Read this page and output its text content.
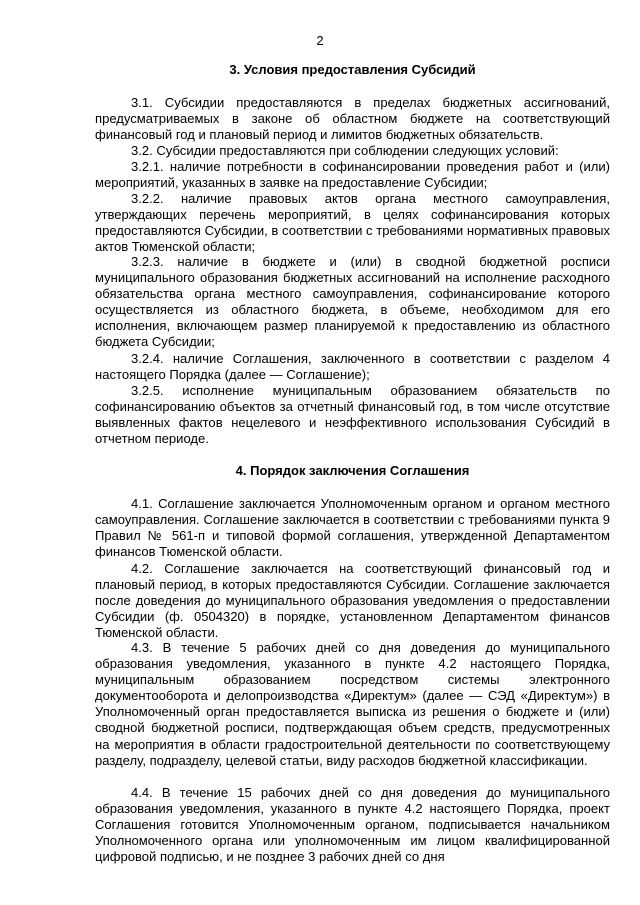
2
3. Условия предоставления Субсидий

3.1. Субсидии предоставляются в пределах бюджетных ассигнований, предусматриваемых в законе об областном бюджете на соответствующий финансовый год и плановый период и лимитов бюджетных обязательств.

3.2. Субсидии предоставляются при соблюдении следующих условий:

3.2.1. наличие потребности в софинансировании проведения работ и (или) мероприятий, указанных в заявке на предоставление Субсидии;

3.2.2. наличие правовых актов органа местного самоуправления, утверждающих перечень мероприятий, в целях софинансирования которых предоставляются Субсидии, в соответствии с требованиями нормативных правовых актов Тюменской области;

3.2.3. наличие в бюджете и (или) в сводной бюджетной росписи муниципального образования бюджетных ассигнований на исполнение расходного обязательства органа местного самоуправления, софинансирование которого осуществляется из областного бюджета, в объеме, необходимом для его исполнения, включающем размер планируемой к предоставлению из областного бюджета Субсидии;

3.2.4. наличие Соглашения, заключенного в соответствии с разделом 4 настоящего Порядка (далее — Соглашение);

3.2.5. исполнение муниципальным образованием обязательств по софинансированию объектов за отчетный финансовый год, в том числе отсутствие выявленных фактов нецелевого и неэффективного использования Субсидий в отчетном периоде.

4. Порядок заключения Соглашения

4.1. Соглашение заключается Уполномоченным органом и органом местного самоуправления. Соглашение заключается в соответствии с требованиями пункта 9 Правил № 561-п и типовой формой соглашения, утвержденной Департаментом финансов Тюменской области.

4.2. Соглашение заключается на соответствующий финансовый год и плановый период, в которых предоставляются Субсидии. Соглашение заключается после доведения до муниципального образования уведомления о предоставлении Субсидии (ф. 0504320) в порядке, установленном Департаментом финансов Тюменской области.

4.3. В течение 5 рабочих дней со дня доведения до муниципального образования уведомления, указанного в пункте 4.2 настоящего Порядка, муниципальным образованием посредством системы электронного документооборота и делопроизводства «Директум» (далее — СЭД «Директум») в Уполномоченный орган предоставляется выписка из решения о бюджете и (или) сводной бюджетной росписи, подтверждающая объем средств, предусмотренных на мероприятия в области градостроительной деятельности по соответствующему разделу, подразделу, целевой статьи, виду расходов бюджетной классификации.

4.4. В течение 15 рабочих дней со дня доведения до муниципального образования уведомления, указанного в пункте 4.2 настоящего Порядка, проект Соглашения готовится Уполномоченным органом, подписывается начальником Уполномоченного органа или уполномоченным им лицом квалифицированной цифровой подписью, и не позднее 3 рабочих дней со дня
